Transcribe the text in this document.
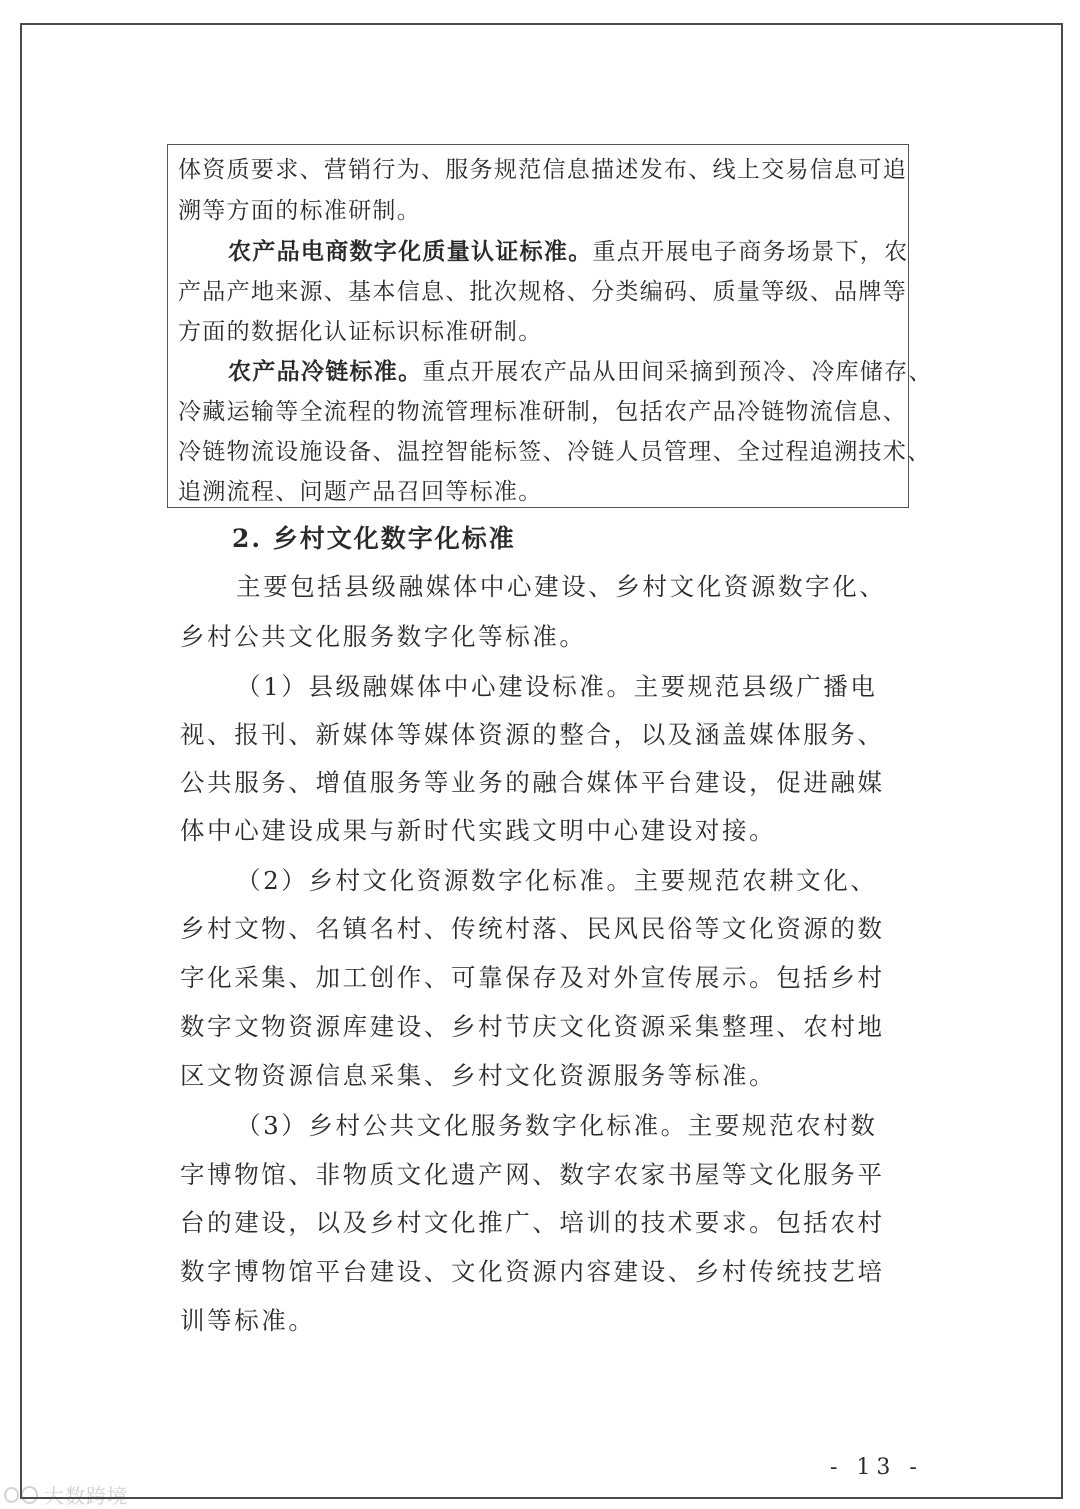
体资质要求、营销行为、服务规范信息描述发布、线上交易信息可追
溯等方面的标准研制。
农产品电商数字化质量认证标准。重点开展电子商务场景下，农
产品产地来源、基本信息、批次规格、分类编码、质量等级、品牌等
方面的数据化认证标识标准研制。
农产品冷链标准。重点开展农产品从田间采摘到预冷、冷库储存、
冷藏运输等全流程的物流管理标准研制，包括农产品冷链物流信息、
冷链物流设施设备、温控智能标签、冷链人员管理、全过程追溯技术、
追溯流程、问题产品召回等标准。
2. 乡村文化数字化标准
主要包括县级融媒体中心建设、乡村文化资源数字化、
乡村公共文化服务数字化等标准。
（1）县级融媒体中心建设标准。主要规范县级广播电
视、报刊、新媒体等媒体资源的整合，以及涵盖媒体服务、
公共服务、增值服务等业务的融合媒体平台建设，促进融媒
体中心建设成果与新时代实践文明中心建设对接。
（2）乡村文化资源数字化标准。主要规范农耕文化、
乡村文物、名镇名村、传统村落、民风民俗等文化资源的数
字化采集、加工创作、可靠保存及对外宣传展示。包括乡村
数字文物资源库建设、乡村节庆文化资源采集整理、农村地
区文物资源信息采集、乡村文化资源服务等标准。
（3）乡村公共文化服务数字化标准。主要规范农村数
字博物馆、非物质文化遗产网、数字农家书屋等文化服务平
台的建设，以及乡村文化推广、培训的技术要求。包括农村
数字博物馆平台建设、文化资源内容建设、乡村传统技艺培
训等标准。
- 13 -
大数跨境
